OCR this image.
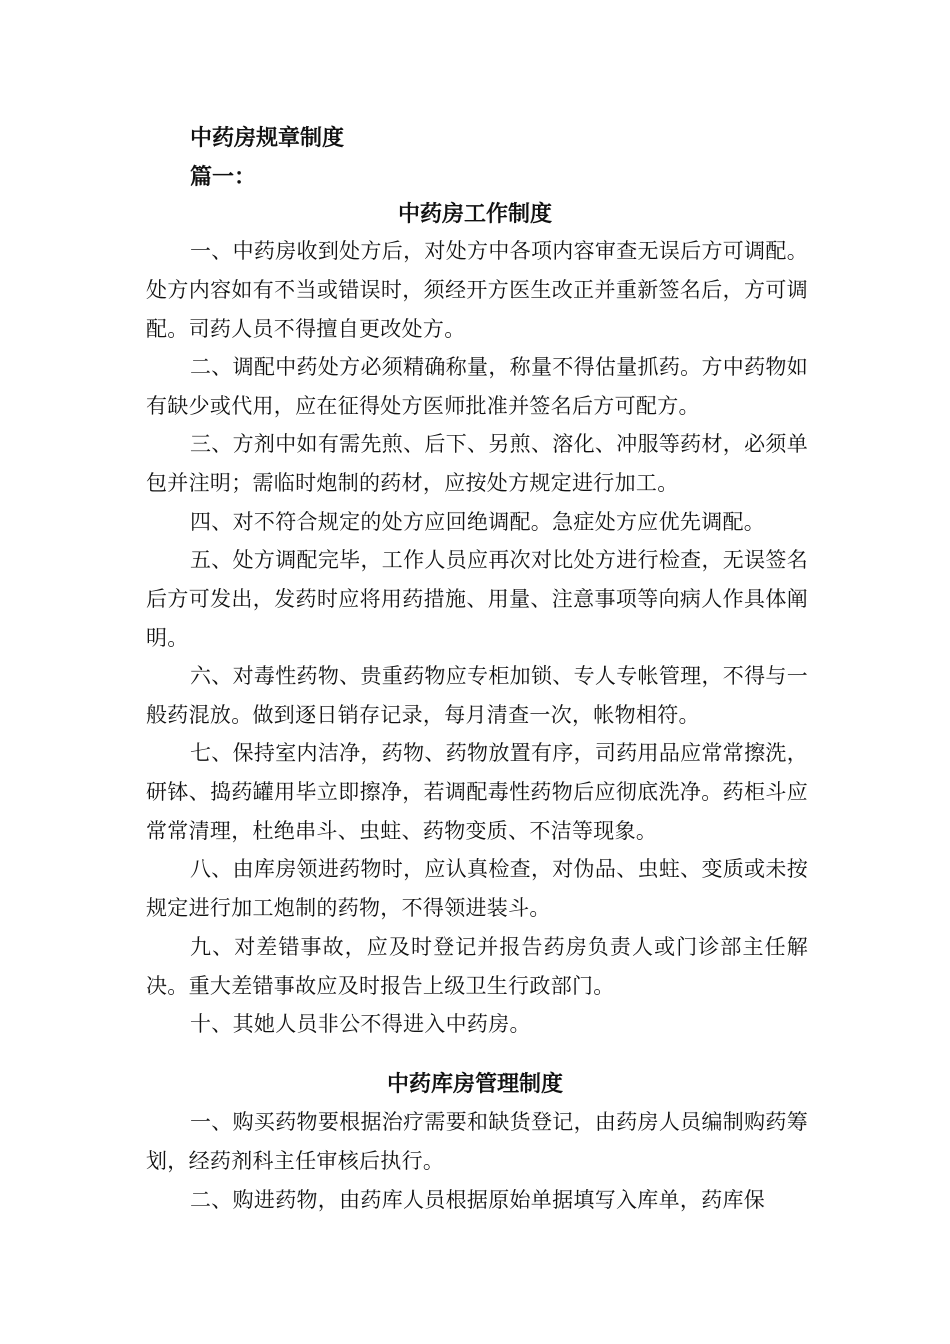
中药房规章制度
篇一：
中药房工作制度

一、中药房收到处方后，对处方中各项内容审查无误后方可调配。处方内容如有不当或错误时，须经开方医生改正并重新签名后，方可调配。司药人员不得擅自更改处方。

二、调配中药处方必须精确称量，称量不得估量抓药。方中药物如有缺少或代用，应在征得处方医师批准并签名后方可配方。

三、方剂中如有需先煎、后下、另煎、溶化、冲服等药材，必须单包并注明；需临时炮制的药材，应按处方规定进行加工。

四、对不符合规定的处方应回绝调配。急症处方应优先调配。

五、处方调配完毕，工作人员应再次对比处方进行检查，无误签名后方可发出，发药时应将用药措施、用量、注意事项等向病人作具体阐明。

六、对毒性药物、贵重药物应专柜加锁、专人专帐管理，不得与一般药混放。做到逐日销存记录，每月清查一次，帐物相符。

七、保持室内洁净，药物、药物放置有序，司药用品应常常擦洗，研钵、捣药罐用毕立即擦净，若调配毒性药物后应彻底洗净。药柜斗应常常清理，杜绝串斗、虫蛀、药物变质、不洁等现象。

八、由库房领进药物时，应认真检查，对伪品、虫蛀、变质或未按规定进行加工炮制的药物，不得领进装斗。

九、对差错事故，应及时登记并报告药房负责人或门诊部主任解决。重大差错事故应及时报告上级卫生行政部门。

十、其她人员非公不得进入中药房。

中药库房管理制度

一、购买药物要根据治疗需要和缺货登记，由药房人员编制购药筹划，经药剂科主任审核后执行。

二、购进药物，由药库人员根据原始单据填写入库单，药库保
